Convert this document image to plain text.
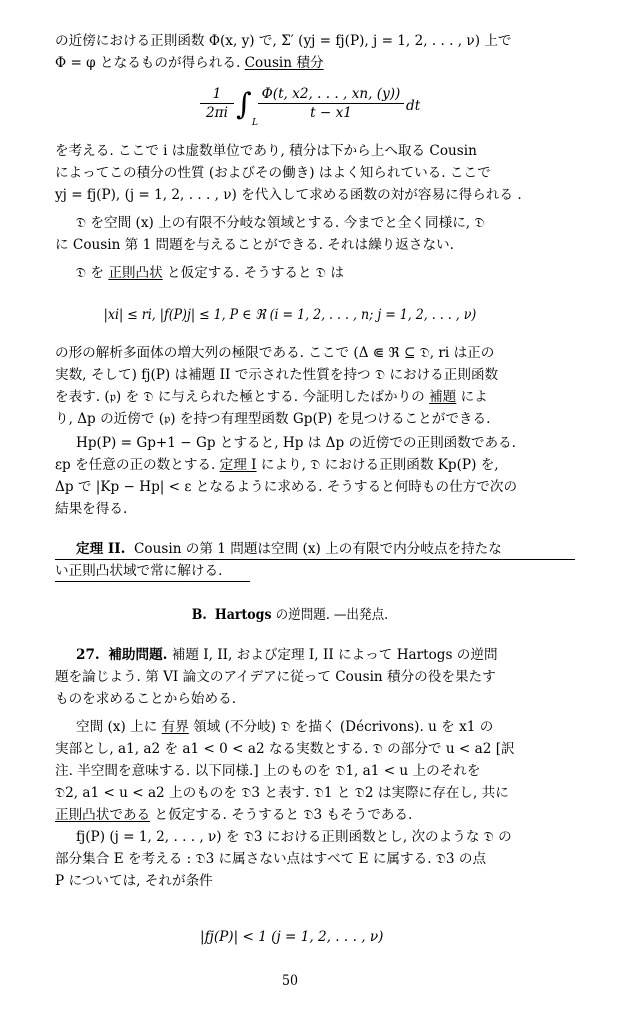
の近傍における正則函数 Φ(x, y) で, Σ′ (yj = fj(P), j = 1, 2, . . . , ν) 上で
Φ = φ となるものが得られる. Cousin 積分
$\frac{1}{2\pi i}$ ∫
L
$\frac{\Phi(t, x2, . . . , xn, (y))}{t - x1}$ dt
を考える. ここで i は虚数単位であり, 積分は下から上へ取る Cousin
によってこの積分の性質 (およびその働き) はよく知られている. ここで
yj = fj(P), (j = 1, 2, . . . , ν) を代入して求める函数の対が容易に得られる .
𝔇 を空間 (x) 上の有限不分岐な領域とする. 今までと全く同様に, 𝔇
に Cousin 第 1 問題を与えることができる. それは繰り返さない.
𝔇 を 正則凸状 と仮定する. そうすると 𝔇 は
|xi| ≤ ri, |f(P)j| ≤ 1, P ∈ ℜ (i = 1, 2, . . . , n; j = 1, 2, . . . , ν)
の形の解析多面体の増大列の極限である. ここで (Δ ⋐ ℜ ⊆ 𝔇, ri は正の
実数, そして) fj(P) は補題 II で示された性質を持つ 𝔇 における正則函数
を表す. (𝔭) を 𝔇 に与えられた極とする. 今証明したばかりの 補題 によ
り, Δp の近傍で (𝔭) を持つ有理型函数 Gp(P) を見つけることができる.
Hp(P) = Gp+1 − Gp とすると, Hp は Δp の近傍での正則函数である.
εp を任意の正の数とする. 定理 I により, 𝔇 における正則函数 Kp(P) を,
Δp で |Kp − Hp| < ε となるように求める. そうすると何時もの仕方で次の
結果を得る.
定理 II. Cousin の第 1 問題は空間 (x) 上の有限で内分岐点を持たな
い正則凸状域で常に解ける.
B. Hartogs の逆問題. —出発点.
27. 補助問題. 補題 I, II, および定理 I, II によって Hartogs の逆問
題を論じよう. 第 VI 論文のアイデアに従って Cousin 積分の役を果たす
ものを求めることから始める.
空間 (x) 上に 有界 領域 (不分岐) 𝔇 を描く (Décrivons). u を x1 の
実部とし, a1, a2 を a1 < 0 < a2 なる実数とする. 𝔇 の部分で u < a2 [訳
注. 半空間を意味する. 以下同様.] 上のものを 𝔇1, a1 < u 上のそれを
𝔇2, a1 < u < a2 上のものを 𝔇3 と表す. 𝔇1 と 𝔇2 は実際に存在し, 共に
正則凸状である と仮定する. そうすると 𝔇3 もそうである.
fj(P) (j = 1, 2, . . . , ν) を 𝔇3 における正則函数とし, 次のような 𝔇 の
部分集合 E を考える : 𝔇3 に属さない点はすべて E に属する. 𝔇3 の点
P については, それが条件
|fj(P)| < 1 (j = 1, 2, . . . , ν)
50
